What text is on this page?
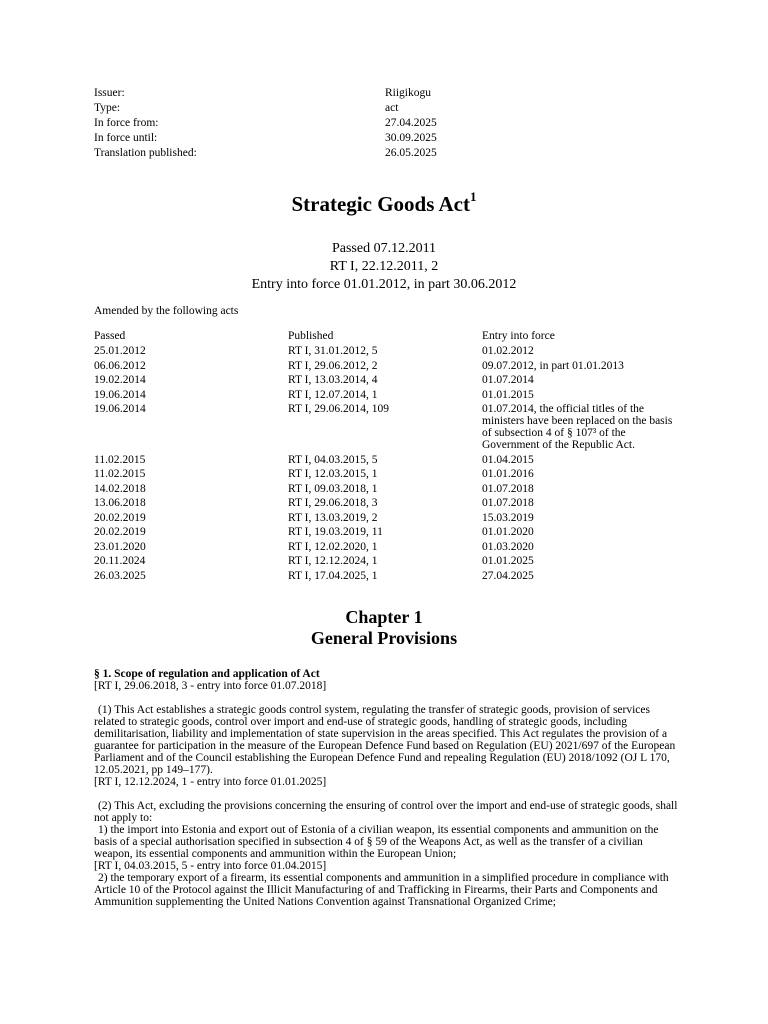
Issuer:	Riigikogu
Type:	act
In force from:	27.04.2025
In force until:	30.09.2025
Translation published:	26.05.2025
Strategic Goods Act$^1$
Passed 07.12.2011
RT I, 22.12.2011, 2
Entry into force 01.01.2012, in part 30.06.2012
Amended by the following acts
Passed	Published	Entry into force
25.01.2012	RT I, 31.01.2012, 5	01.02.2012
06.06.2012	RT I, 29.06.2012, 2	09.07.2012, in part 01.01.2013
19.02.2014	RT I, 13.03.2014, 4	01.07.2014
19.06.2014	RT I, 12.07.2014, 1	01.01.2015
19.06.2014	RT I, 29.06.2014, 109	01.07.2014, the official titles of the ministers have been replaced on the basis of subsection 4 of § 107³ of the Government of the Republic Act.
11.02.2015	RT I, 04.03.2015, 5	01.04.2015
11.02.2015	RT I, 12.03.2015, 1	01.01.2016
14.02.2018	RT I, 09.03.2018, 1	01.07.2018
13.06.2018	RT I, 29.06.2018, 3	01.07.2018
20.02.2019	RT I, 13.03.2019, 2	15.03.2019
20.02.2019	RT I, 19.03.2019, 11	01.01.2020
23.01.2020	RT I, 12.02.2020, 1	01.03.2020
20.11.2024	RT I, 12.12.2024, 1	01.01.2025
26.03.2025	RT I, 17.04.2025, 1	27.04.2025
Chapter 1
General Provisions
§ 1. Scope of regulation and application of Act
[RT I, 29.06.2018, 3 - entry into force 01.07.2018]

(1) This Act establishes a strategic goods control system, regulating the transfer of strategic goods, provision of services related to strategic goods, control over import and end-use of strategic goods, handling of strategic goods, including demilitarisation, liability and implementation of state supervision in the areas specified. This Act regulates the provision of a guarantee for participation in the measure of the European Defence Fund based on Regulation (EU) 2021/697 of the European Parliament and of the Council establishing the European Defence Fund and repealing Regulation (EU) 2018/1092 (OJ L 170, 12.05.2021, pp 149–177).

[RT I, 12.12.2024, 1 - entry into force 01.01.2025]

(2) This Act, excluding the provisions concerning the ensuring of control over the import and end-use of strategic goods, shall not apply to:

1) the import into Estonia and export out of Estonia of a civilian weapon, its essential components and ammunition on the basis of a special authorisation specified in subsection 4 of § 59 of the Weapons Act, as well as the transfer of a civilian weapon, its essential components and ammunition within the European Union;

[RT I, 04.03.2015, 5 - entry into force 01.04.2015]

2) the temporary export of a firearm, its essential components and ammunition in a simplified procedure in compliance with Article 10 of the Protocol against the Illicit Manufacturing of and Trafficking in Firearms, their Parts and Components and Ammunition supplementing the United Nations Convention against Transnational Organized Crime;
